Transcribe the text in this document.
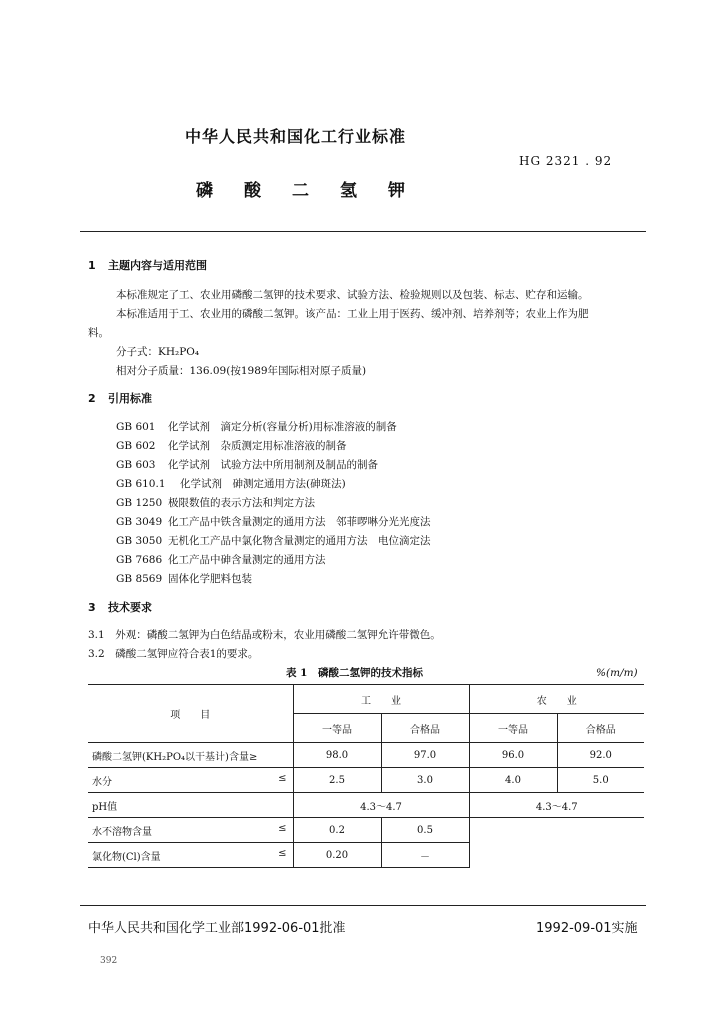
中华人民共和国化工行业标准
HG 2321 . 92
磷 酸 二 氢 钾
1 主题内容与适用范围
本标准规定了工、农业用磷酸二氢钾的技术要求、试验方法、检验规则以及包装、标志、贮存和运输。
本标准适用于工、农业用的磷酸二氢钾。该产品：工业上用于医药、缓冲剂、培养剂等；农业上作为肥
料。
分子式：KH₂PO₄
相对分子质量：136.09(按1989年国际相对原子质量)
2 引用标准
GB 601 化学试剂　滴定分析(容量分析)用标准溶液的制备
GB 602 化学试剂　杂质测定用标准溶液的制备
GB 603 化学试剂　试验方法中所用制剂及制品的制备
GB 610.1 化学试剂　砷测定通用方法(砷斑法)
GB 1250 极限数值的表示方法和判定方法
GB 3049 化工产品中铁含量测定的通用方法　邻菲啰啉分光光度法
GB 3050 无机化工产品中氯化物含量测定的通用方法　电位滴定法
GB 7686 化工产品中砷含量测定的通用方法
GB 8569 固体化学肥料包装
3 技术要求
3.1　外观：磷酸二氢钾为白色结晶或粉末，农业用磷酸二氢钾允许带微色。
3.2　磷酸二氢钾应符合表1的要求。
表 1　磷酸二氢钾的技术指标	%(m/m)
项　　目	工　　业		农　　业	
	一等品	合格品	一等品	合格品
磷酸二氢钾(KH₂PO₄以干基计)含量≥	98.0	97.0	96.0	92.0
水分 ≤	2.5	3.0	4.0	5.0
pH值	4.3～4.7		4.3～4.7	
水不溶物含量 ≤	0.2	0.5		
氯化物(Cl)含量 ≤	0.20	－		
中华人民共和国化学工业部1992-06-01批准	1992-09-01实施
392
